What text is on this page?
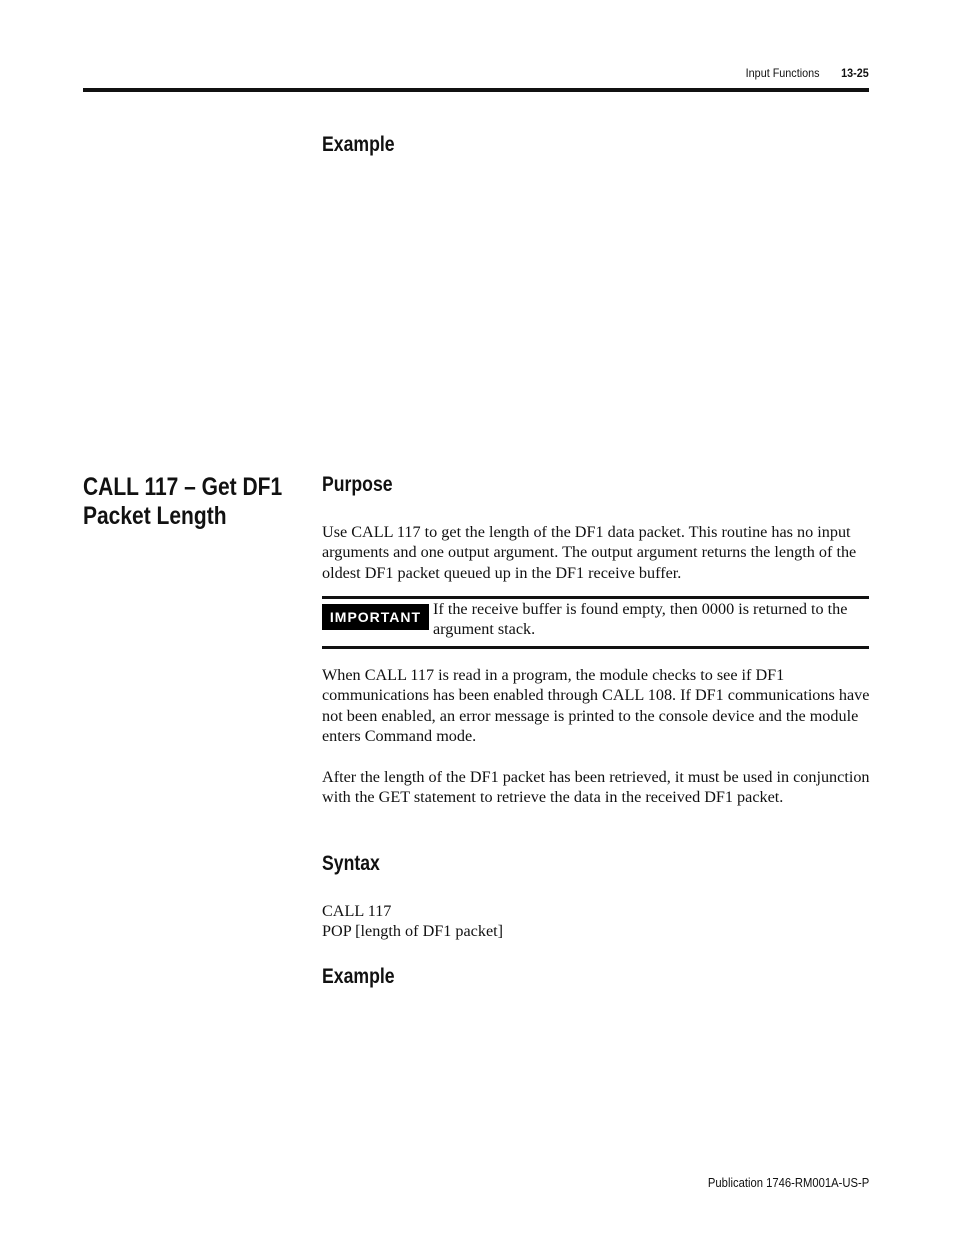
Input Functions 13-25
Example
CALL 117 – Get DF1
Packet Length
Purpose

Use CALL 117 to get the length of the DF1 data packet. This routine has no input arguments and one output argument. The output argument returns the length of the oldest DF1 packet queued up in the DF1 receive buffer.

IMPORTANT If the receive buffer is found empty, then 0000 is returned to the argument stack.

When CALL 117 is read in a program, the module checks to see if DF1 communications has been enabled through CALL 108. If DF1 communications have not been enabled, an error message is printed to the console device and the module enters Command mode.

After the length of the DF1 packet has been retrieved, it must be used in conjunction with the GET statement to retrieve the data in the received DF1 packet.

Syntax
CALL 117
POP [length of DF1 packet]
Example
Publication 1746-RM001A-US-P
